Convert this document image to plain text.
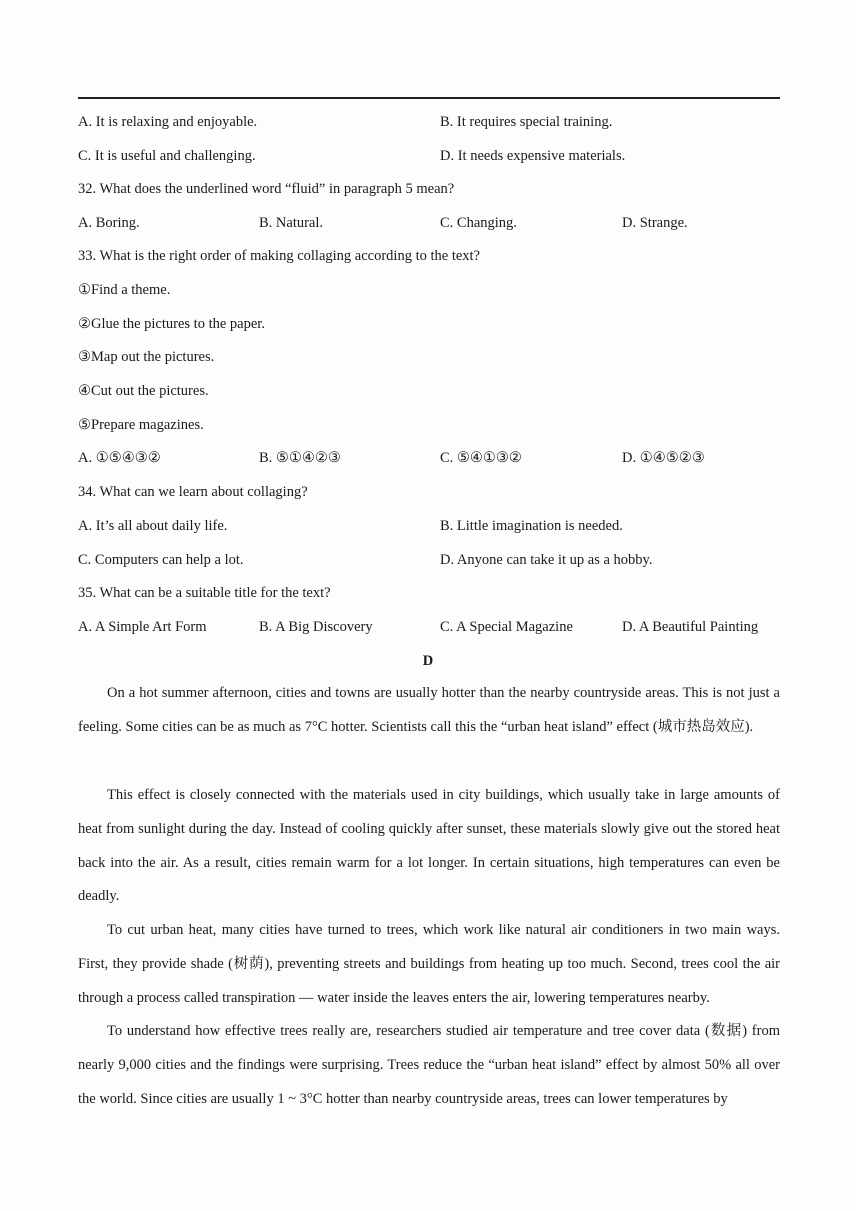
A. It is relaxing and enjoyable.	B. It requires special training.
C. It is useful and challenging.	D. It needs expensive materials.
32. What does the underlined word “fluid” in paragraph 5 mean?
A. Boring.	B. Natural.	C. Changing.	D. Strange.
33. What is the right order of making collaging according to the text?
①Find a theme.
②Glue the pictures to the paper.
③Map out the pictures.
④Cut out the pictures.
⑤Prepare magazines.
A. ①⑤④③②	B. ⑤①④②③	C. ⑤④①③②	D. ①④⑤②③
34. What can we learn about collaging?
A. It’s all about daily life.	B. Little imagination is needed.
C. Computers can help a lot.	D. Anyone can take it up as a hobby.
35. What can be a suitable title for the text?
A. A Simple Art Form	B. A Big Discovery	C. A Special Magazine	D. A Beautiful Painting
D
On a hot summer afternoon, cities and towns are usually hotter than the nearby countryside areas. This is not just a feeling. Some cities can be as much as 7°C hotter. Scientists call this the “urban heat island” effect (城市热岛效应).
This effect is closely connected with the materials used in city buildings, which usually take in large amounts of heat from sunlight during the day. Instead of cooling quickly after sunset, these materials slowly give out the stored heat back into the air. As a result, cities remain warm for a lot longer. In certain situations, high temperatures can even be deadly.
To cut urban heat, many cities have turned to trees, which work like natural air conditioners in two main ways. First, they provide shade (树荫), preventing streets and buildings from heating up too much. Second, trees cool the air through a process called transpiration — water inside the leaves enters the air, lowering temperatures nearby.
To understand how effective trees really are, researchers studied air temperature and tree cover data (数据) from nearly 9,000 cities and the findings were surprising. Trees reduce the “urban heat island” effect by almost 50% all over the world. Since cities are usually 1 ~ 3°C hotter than nearby countryside areas, trees can lower temperatures by
